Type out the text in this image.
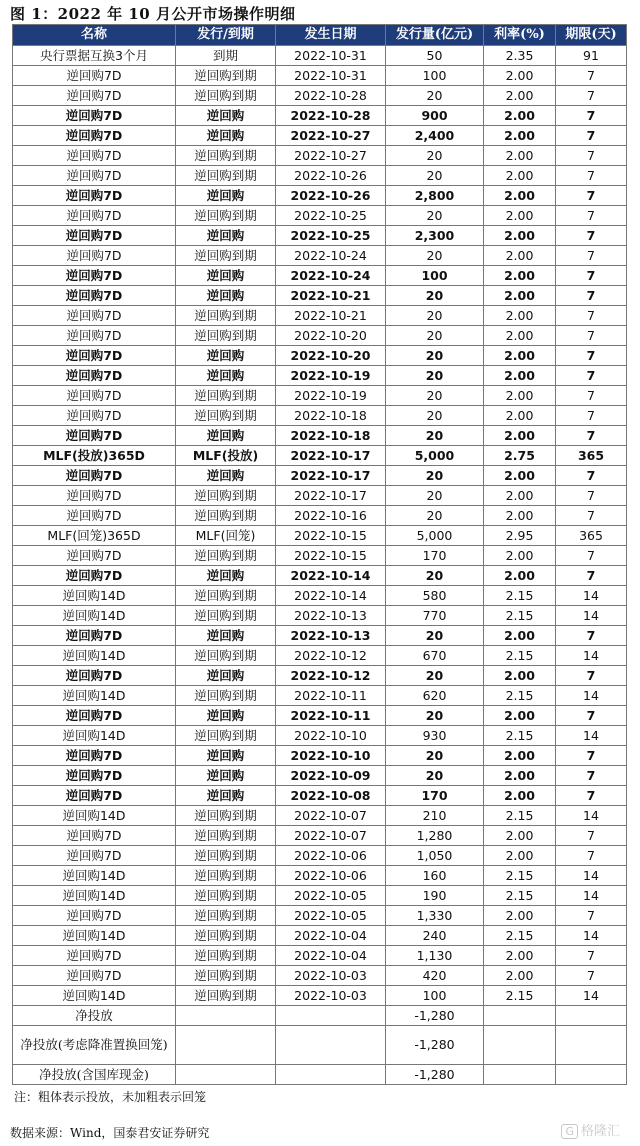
图 1：2022 年 10 月公开市场操作明细
名称	发行/到期	发生日期	发行量(亿元)	利率(%)	期限(天)
央行票据互换3个月	到期	2022-10-31	50	2.35	91
逆回购7D	逆回购到期	2022-10-31	100	2.00	7
逆回购7D	逆回购到期	2022-10-28	20	2.00	7
逆回购7D	逆回购	2022-10-28	900	2.00	7
逆回购7D	逆回购	2022-10-27	2,400	2.00	7
逆回购7D	逆回购到期	2022-10-27	20	2.00	7
逆回购7D	逆回购到期	2022-10-26	20	2.00	7
逆回购7D	逆回购	2022-10-26	2,800	2.00	7
逆回购7D	逆回购到期	2022-10-25	20	2.00	7
逆回购7D	逆回购	2022-10-25	2,300	2.00	7
逆回购7D	逆回购到期	2022-10-24	20	2.00	7
逆回购7D	逆回购	2022-10-24	100	2.00	7
逆回购7D	逆回购	2022-10-21	20	2.00	7
逆回购7D	逆回购到期	2022-10-21	20	2.00	7
逆回购7D	逆回购到期	2022-10-20	20	2.00	7
逆回购7D	逆回购	2022-10-20	20	2.00	7
逆回购7D	逆回购	2022-10-19	20	2.00	7
逆回购7D	逆回购到期	2022-10-19	20	2.00	7
逆回购7D	逆回购到期	2022-10-18	20	2.00	7
逆回购7D	逆回购	2022-10-18	20	2.00	7
MLF(投放)365D	MLF(投放)	2022-10-17	5,000	2.75	365
逆回购7D	逆回购	2022-10-17	20	2.00	7
逆回购7D	逆回购到期	2022-10-17	20	2.00	7
逆回购7D	逆回购到期	2022-10-16	20	2.00	7
MLF(回笼)365D	MLF(回笼)	2022-10-15	5,000	2.95	365
逆回购7D	逆回购到期	2022-10-15	170	2.00	7
逆回购7D	逆回购	2022-10-14	20	2.00	7
逆回购14D	逆回购到期	2022-10-14	580	2.15	14
逆回购14D	逆回购到期	2022-10-13	770	2.15	14
逆回购7D	逆回购	2022-10-13	20	2.00	7
逆回购14D	逆回购到期	2022-10-12	670	2.15	14
逆回购7D	逆回购	2022-10-12	20	2.00	7
逆回购14D	逆回购到期	2022-10-11	620	2.15	14
逆回购7D	逆回购	2022-10-11	20	2.00	7
逆回购14D	逆回购到期	2022-10-10	930	2.15	14
逆回购7D	逆回购	2022-10-10	20	2.00	7
逆回购7D	逆回购	2022-10-09	20	2.00	7
逆回购7D	逆回购	2022-10-08	170	2.00	7
逆回购14D	逆回购到期	2022-10-07	210	2.15	14
逆回购7D	逆回购到期	2022-10-07	1,280	2.00	7
逆回购7D	逆回购到期	2022-10-06	1,050	2.00	7
逆回购14D	逆回购到期	2022-10-06	160	2.15	14
逆回购14D	逆回购到期	2022-10-05	190	2.15	14
逆回购7D	逆回购到期	2022-10-05	1,330	2.00	7
逆回购14D	逆回购到期	2022-10-04	240	2.15	14
逆回购7D	逆回购到期	2022-10-04	1,130	2.00	7
逆回购7D	逆回购到期	2022-10-03	420	2.00	7
逆回购14D	逆回购到期	2022-10-03	100	2.15	14
净投放			-1,280		
净投放(考虑降准置换回笼)			-1,280		
净投放(含国库现金)			-1,280		
注：粗体表示投放，未加粗表示回笼
数据来源：Wind，国泰君安证券研究	G 格隆汇
